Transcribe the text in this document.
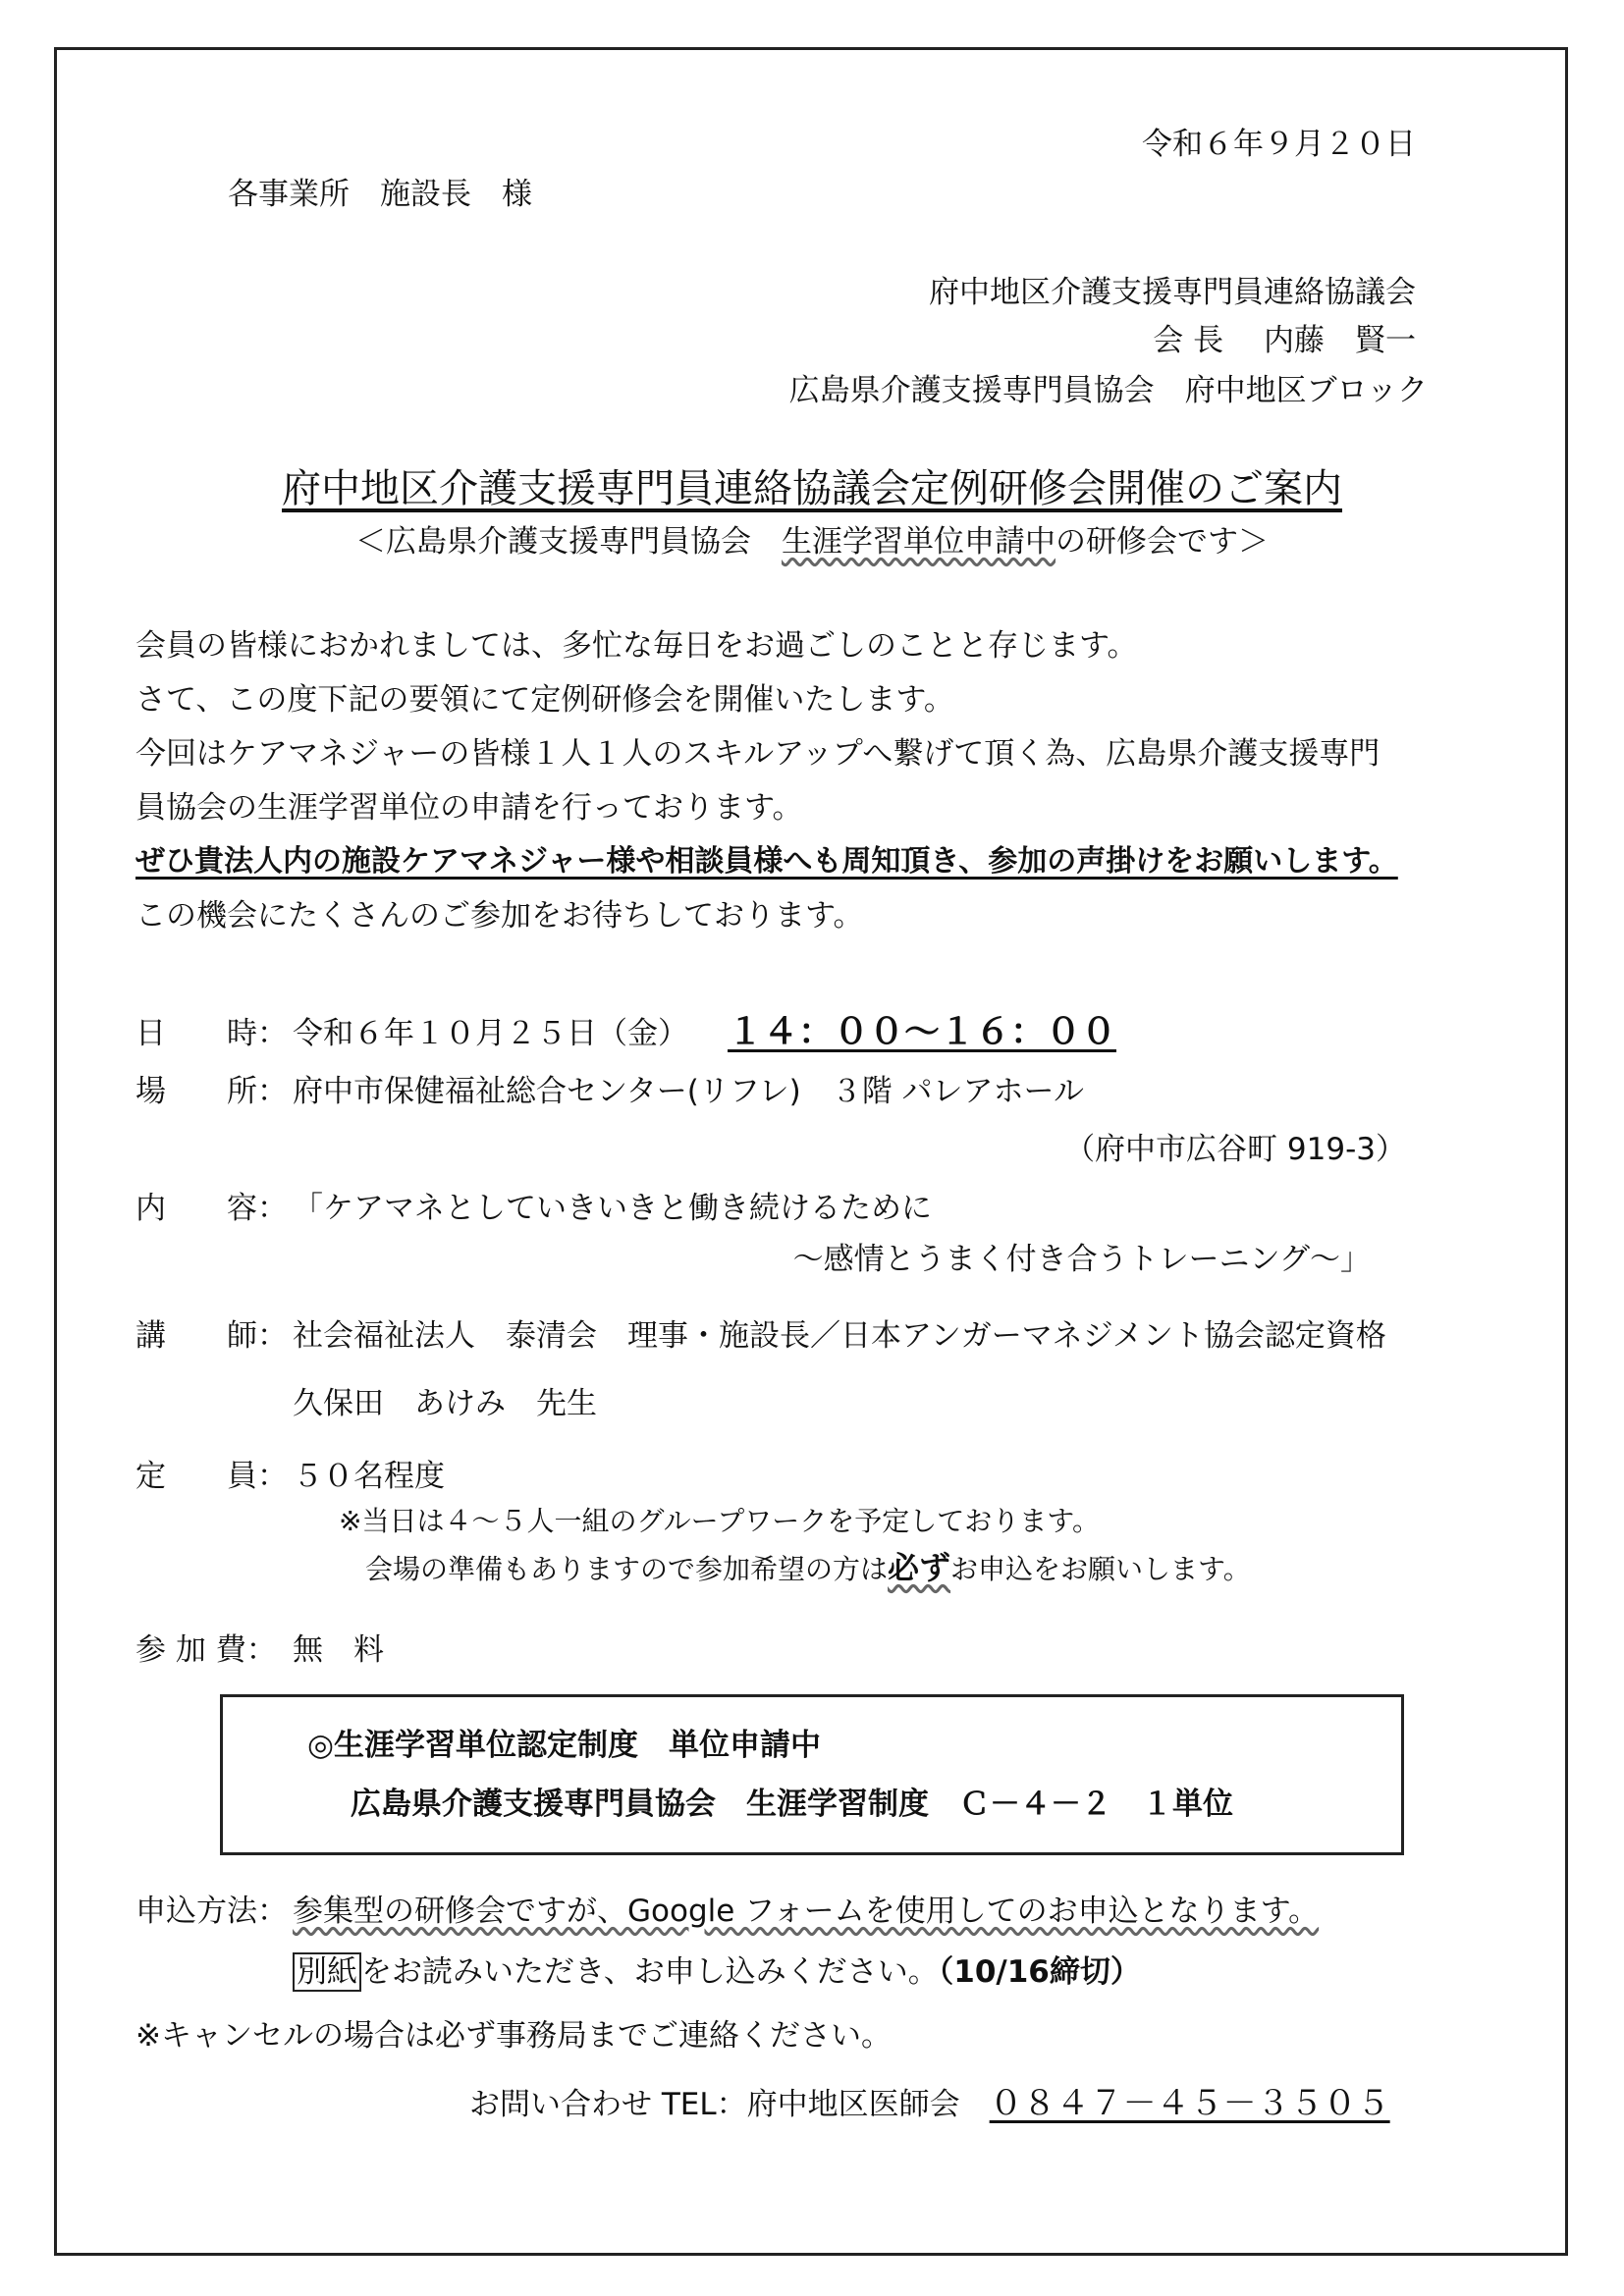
令和６年９月２０日
各事業所　施設長　様
府中地区介護支援専門員連絡協議会
会 長　 内藤　賢一
広島県介護支援専門員協会　府中地区ブロック
府中地区介護支援専門員連絡協議会定例研修会開催のご案内
＜広島県介護支援専門員協会　生涯学習単位申請中の研修会です＞
会員の皆様におかれましては、多忙な毎日をお過ごしのことと存じます。
さて、この度下記の要領にて定例研修会を開催いたします。
今回はケアマネジャーの皆様１人１人のスキルアップへ繋げて頂く為、広島県介護支援専門
員協会の生涯学習単位の申請を行っております。
ぜひ貴法人内の施設ケアマネジャー様や相談員様へも周知頂き、参加の声掛けをお願いします。
この機会にたくさんのご参加をお待ちしております。
日　　時： 令和６年１０月２５日（金） １４：００～１６：００
場　　所： 府中市保健福祉総合センター(リフレ)　３階 パレアホール
（府中市広谷町 919-3）
内　　容： 「ケアマネとしていきいきと働き続けるために
～感情とうまく付き合うトレーニング～」
講　　師： 社会福祉法人　泰清会　理事・施設長／日本アンガーマネジメント協会認定資格
久保田　あけみ　先生
定　　員： ５０名程度
※当日は４～５人一組のグループワークを予定しております。
会場の準備もありますので参加希望の方は必ずお申込をお願いします。
参 加 費： 無　料
◎生涯学習単位認定制度　単位申請中
広島県介護支援専門員協会　生涯学習制度　Ｃ－４－２　１単位
申込方法： 参集型の研修会ですが、Google フォームを使用してのお申込となります。
別紙 をお読みいただき、お申し込みください。（10/16締切）
※キャンセルの場合は必ず事務局までご連絡ください。
お問い合わせ TEL：府中地区医師会 ０８４７－４５－３５０５
